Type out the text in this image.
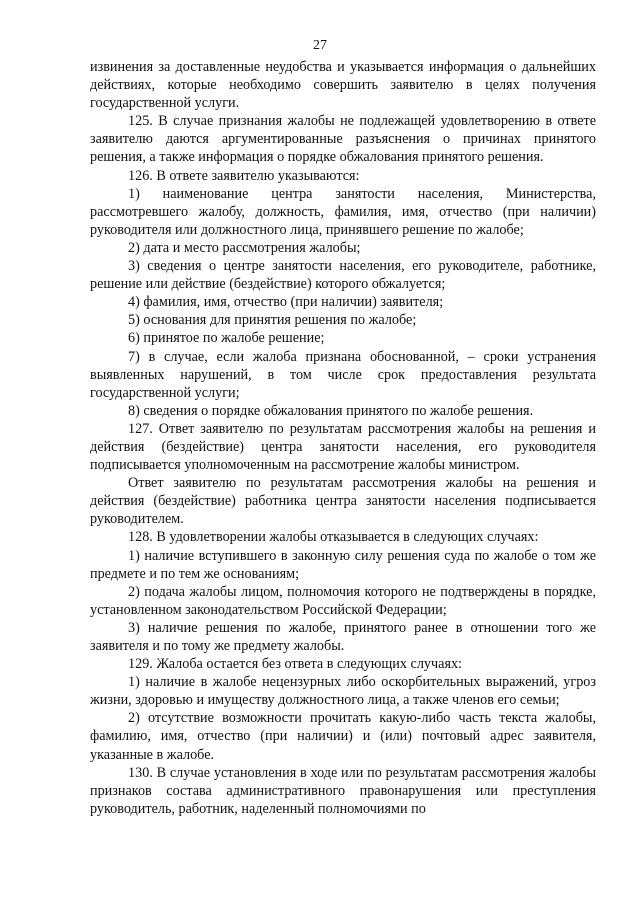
27

извинения за доставленные неудобства и указывается информация о дальнейших действиях, которые необходимо совершить заявителю в целях получения государственной услуги.

125. В случае признания жалобы не подлежащей удовлетворению в ответе заявителю даются аргументированные разъяснения о причинах принятого решения, а также информация о порядке обжалования принятого решения.

126. В ответе заявителю указываются:

1) наименование центра занятости населения, Министерства, рассмотревшего жалобу, должность, фамилия, имя, отчество (при наличии) руководителя или должностного лица, принявшего решение по жалобе;

2) дата и место рассмотрения жалобы;

3) сведения о центре занятости населения, его руководителе, работнике, решение или действие (бездействие) которого обжалуется;

4) фамилия, имя, отчество (при наличии) заявителя;

5) основания для принятия решения по жалобе;

6) принятое по жалобе решение;

7) в случае, если жалоба признана обоснованной, – сроки устранения выявленных нарушений, в том числе срок предоставления результата государственной услуги;

8) сведения о порядке обжалования принятого по жалобе решения.

127. Ответ заявителю по результатам рассмотрения жалобы на решения и действия (бездействие) центра занятости населения, его руководителя подписывается уполномоченным на рассмотрение жалобы министром.

Ответ заявителю по результатам рассмотрения жалобы на решения и действия (бездействие) работника центра занятости населения подписывается руководителем.

128. В удовлетворении жалобы отказывается в следующих случаях:

1) наличие вступившего в законную силу решения суда по жалобе о том же предмете и по тем же основаниям;

2) подача жалобы лицом, полномочия которого не подтверждены в порядке, установленном законодательством Российской Федерации;

3) наличие решения по жалобе, принятого ранее в отношении того же заявителя и по тому же предмету жалобы.

129. Жалоба остается без ответа в следующих случаях:

1) наличие в жалобе нецензурных либо оскорбительных выражений, угроз жизни, здоровью и имуществу должностного лица, а также членов его семьи;

2) отсутствие возможности прочитать какую-либо часть текста жалобы, фамилию, имя, отчество (при наличии) и (или) почтовый адрес заявителя, указанные в жалобе.

130. В случае установления в ходе или по результатам рассмотрения жалобы признаков состава административного правонарушения или преступления руководитель, работник, наделенный полномочиями по
